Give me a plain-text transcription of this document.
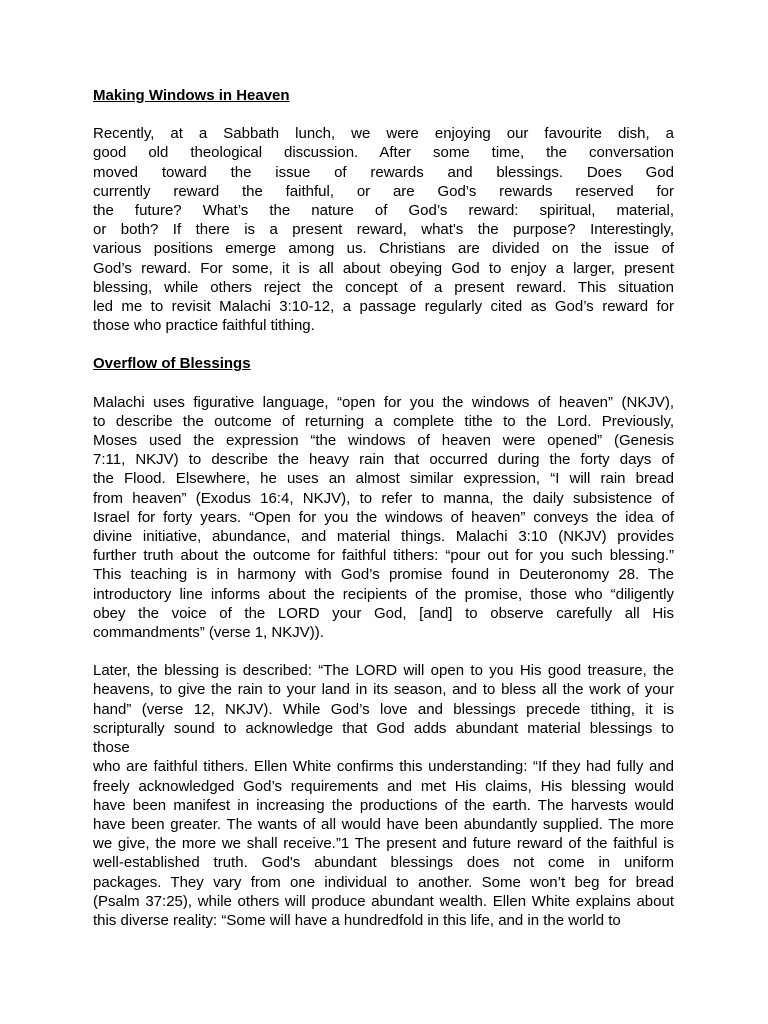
Making Windows in Heaven

Recently, at a Sabbath lunch, we were enjoying our favourite dish, a
good old theological discussion. After some time, the conversation
moved toward the issue of rewards and blessings. Does God
currently reward the faithful, or are God’s rewards reserved for
the future? What’s the nature of God’s reward: spiritual, material,
or both? If there is a present reward, what's the purpose? Interestingly,
various positions emerge among us. Christians are divided on the issue of
God’s reward. For some, it is all about obeying God to enjoy a larger, present
blessing, while others reject the concept of a present reward. This situation
led me to revisit Malachi 3:10-12, a passage regularly cited as God’s reward for
those who practice faithful tithing.

Overflow of Blessings

Malachi uses figurative language, “open for you the windows of heaven” (NKJV),
to describe the outcome of returning a complete tithe to the Lord. Previously,
Moses used the expression “the windows of heaven were opened” (Genesis
7:11, NKJV) to describe the heavy rain that occurred during the forty days of
the Flood. Elsewhere, he uses an almost similar expression, “I will rain bread
from heaven” (Exodus 16:4, NKJV), to refer to manna, the daily subsistence of
Israel for forty years. “Open for you the windows of heaven” conveys the idea of
divine initiative, abundance, and material things. Malachi 3:10 (NKJV) provides
further truth about the outcome for faithful tithers: “pour out for you such blessing.”
This teaching is in harmony with God’s promise found in Deuteronomy 28. The
introductory line informs about the recipients of the promise, those who “diligently
obey the voice of the LORD your God, [and] to observe carefully all His
commandments” (verse 1, NKJV)).
Later, the blessing is described: “The LORD will open to you His good treasure, the
heavens, to give the rain to your land in its season, and to bless all the work of your
hand” (verse 12, NKJV). While God’s love and blessings precede tithing, it is
scripturally sound to acknowledge that God adds abundant material blessings to
those
who are faithful tithers. Ellen White confirms this understanding: “If they had fully and
freely acknowledged God’s requirements and met His claims, His blessing would
have been manifest in increasing the productions of the earth. The harvests would
have been greater. The wants of all would have been abundantly supplied. The more
we give, the more we shall receive.”1 The present and future reward of the faithful is
well-established truth. God's abundant blessings does not come in uniform
packages. They vary from one individual to another. Some won’t beg for bread
(Psalm 37:25), while others will produce abundant wealth. Ellen White explains about
this diverse reality: “Some will have a hundredfold in this life, and in the world to
